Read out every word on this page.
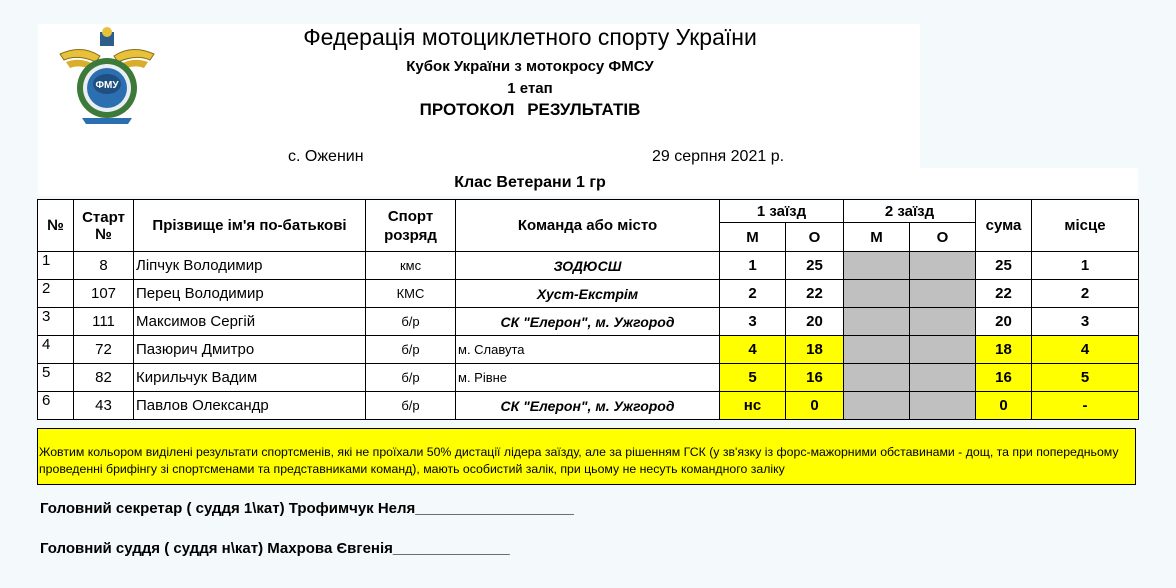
ФМУ
Федерація мотоциклетного спорту України
Кубок України з мотокросу ФМСУ
1 етап
ПРОТОКОЛ РЕЗУЛЬТАТІВ
с. Оженин	29 серпня 2021 р.
Клас Ветерани 1 гр
№	Старт №	Прізвище ім'я по-батькові	Спорт розряд	Команда або місто	1 заїзд		2 заїзд		сума	місце
					М	О	М	О		
1	8	Ліпчук Володимир	кмс	ЗОДЮСШ	1	25			25	1
2	107	Перец Володимир	КМС	Хуст-Екстрім	2	22			22	2
3	111	Максимов Сергій	б/р	СК "Елерон", м. Ужгород	3	20			20	3
4	72	Пазюрич Дмитро	б/р	м. Славута	4	18			18	4
5	82	Кирильчук Вадим	б/р	м. Рівне	5	16			16	5
6	43	Павлов Олександр	б/р	СК "Елерон", м. Ужгород	нс	0			0	-
Жовтим кольором виділені результати спортсменів, які не проїхали 50% дистації лідера заїзду, але за рішенням ГСК (у зв'язку із форс-мажорними обставинами - дощ, та при попередньому проведенні брифінгу зі спортсменами та представниками команд), мають особистий залік, при цьому не несуть командного заліку
Головний секретар ( суддя 1\кат) Трофимчук Неля___________________
Головний суддя ( суддя н\кат) Махрова Євгенія______________
